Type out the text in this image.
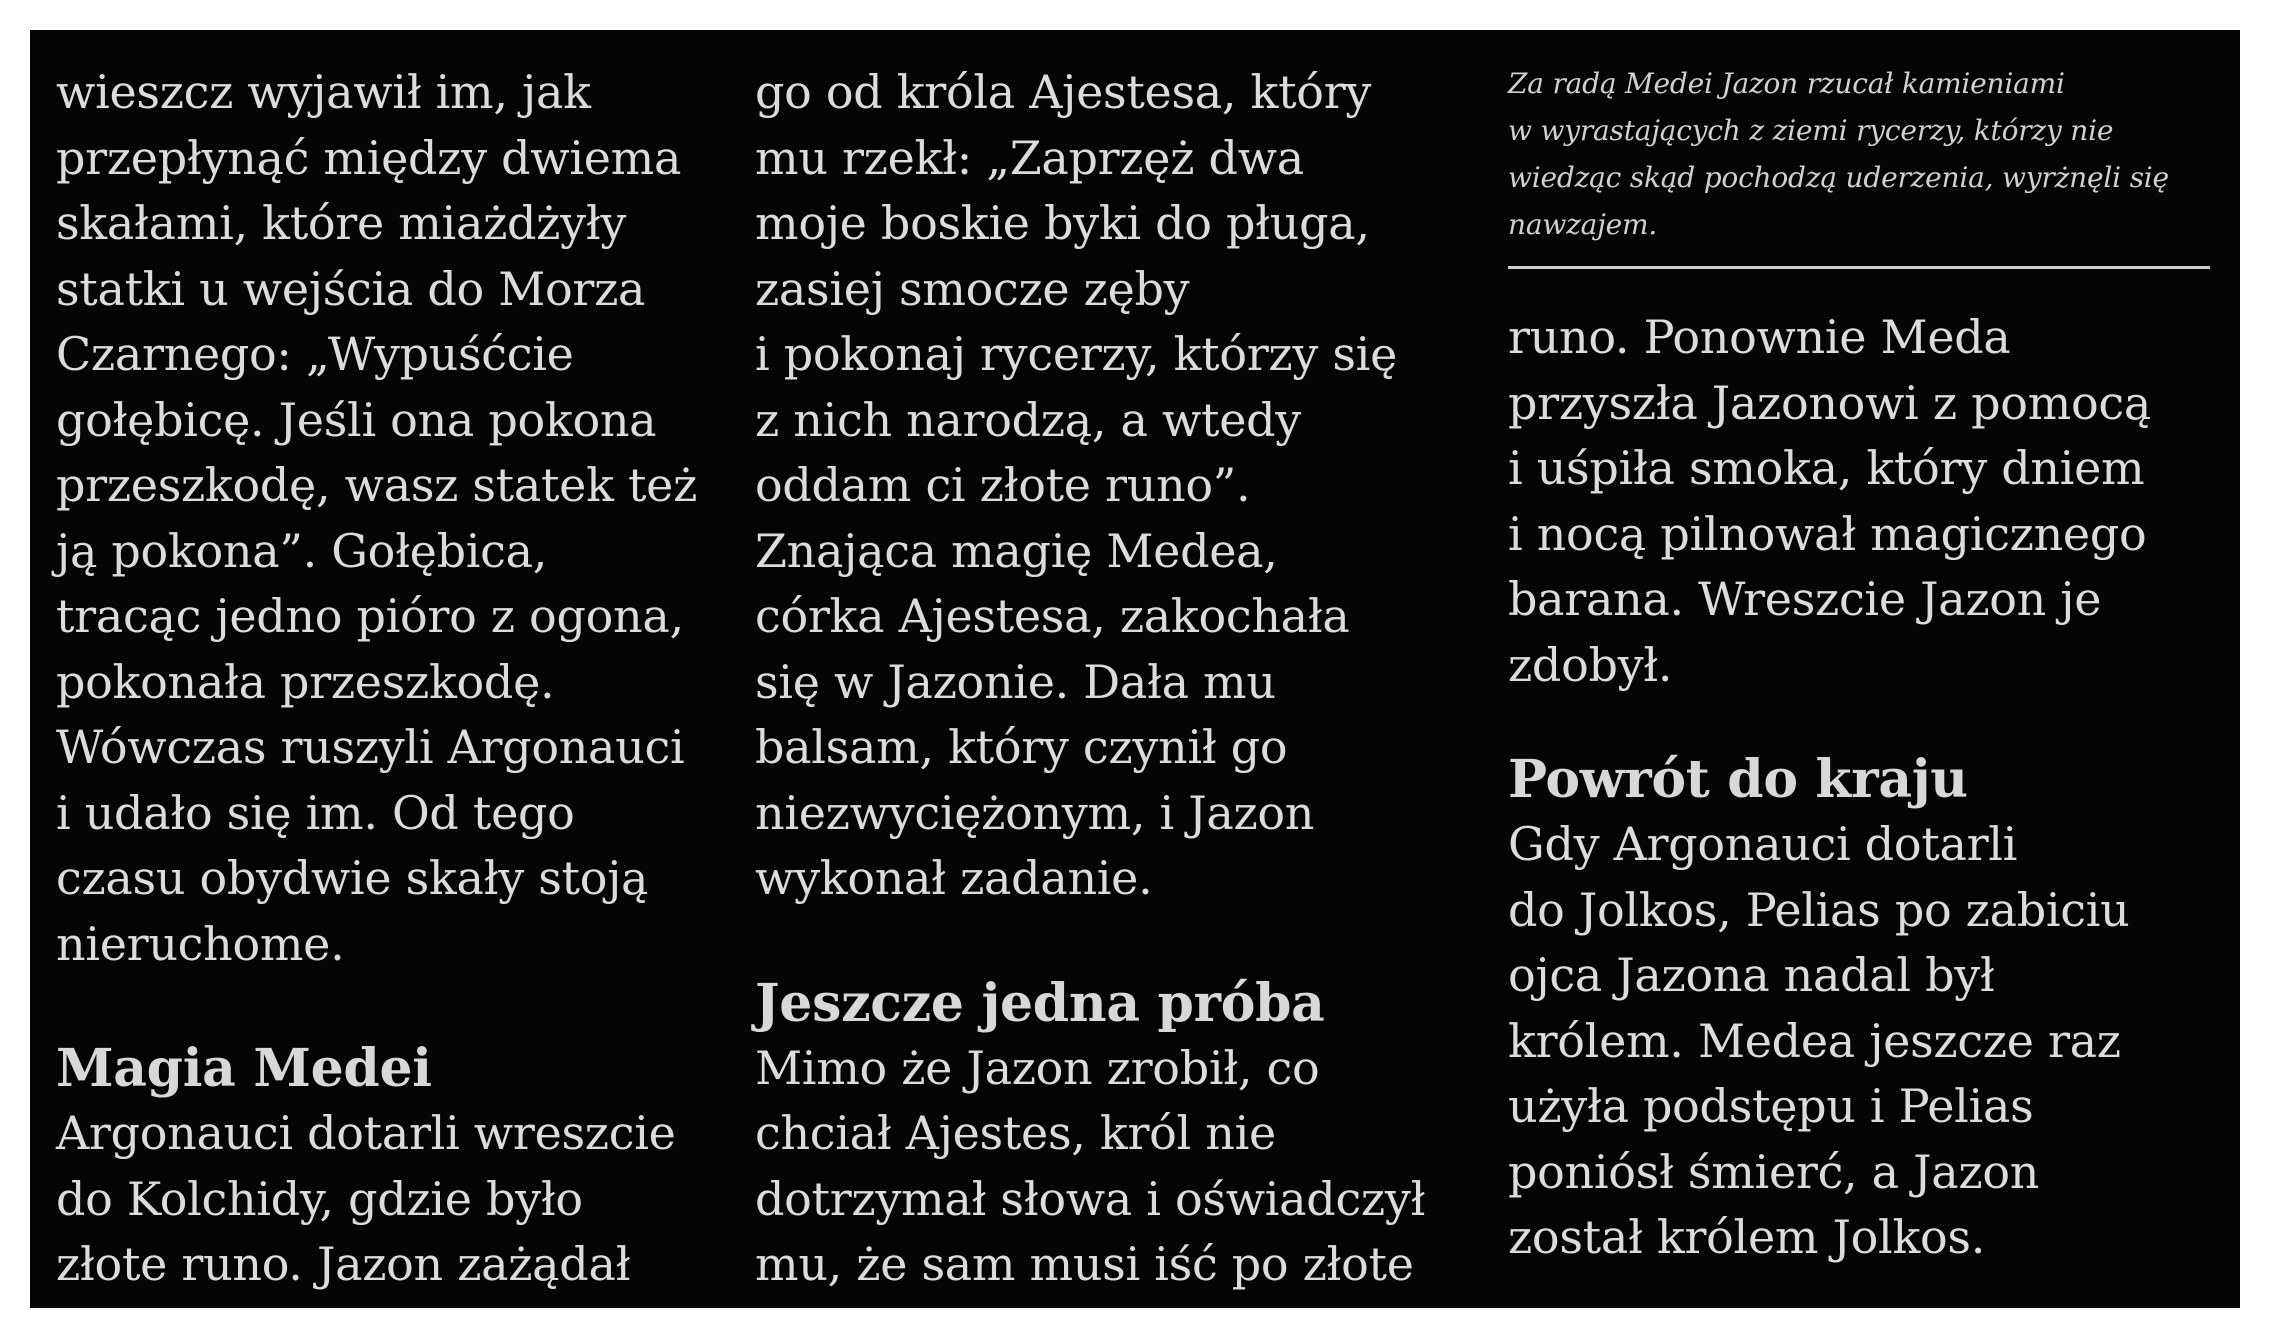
wieszcz wyjawił im, jak
przepłynąć między dwiema
skałami, które miażdżyły
statki u wejścia do Morza
Czarnego: „Wypuśćcie
gołębicę. Jeśli ona pokona
przeszkodę, wasz statek też
ją pokona”. Gołębica,
tracąc jedno pióro z ogona,
pokonała przeszkodę.
Wówczas ruszyli Argonauci
i udało się im. Od tego
czasu obydwie skały stoją
nieruchome.

Magia Medei

Argonauci dotarli wreszcie
do Kolchidy, gdzie było
złote runo. Jazon zażądał

go od króla Ajestesa, który
mu rzekł: „Zaprzęż dwa
moje boskie byki do pługa,
zasiej smocze zęby
i pokonaj rycerzy, którzy się
z nich narodzą, a wtedy
oddam ci złote runo”.
Znająca magię Medea,
córka Ajestesa, zakochała
się w Jazonie. Dała mu
balsam, który czynił go
niezwyciężonym, i Jazon
wykonał zadanie.

Jeszcze jedna próba

Mimo że Jazon zrobił, co
chciał Ajestes, król nie
dotrzymał słowa i oświadczył
mu, że sam musi iść po złote

Za radą Medei Jazon rzucał kamieniami
w wyrastających z ziemi rycerzy, którzy nie
wiedząc skąd pochodzą uderzenia, wyrżnęli się
nawzajem.

runo. Ponownie Meda
przyszła Jazonowi z pomocą
i uśpiła smoka, który dniem
i nocą pilnował magicznego
barana. Wreszcie Jazon je
zdobył.

Powrót do kraju

Gdy Argonauci dotarli
do Jolkos, Pelias po zabiciu
ojca Jazona nadal był
królem. Medea jeszcze raz
użyła podstępu i Pelias
poniósł śmierć, a Jazon
został królem Jolkos.
